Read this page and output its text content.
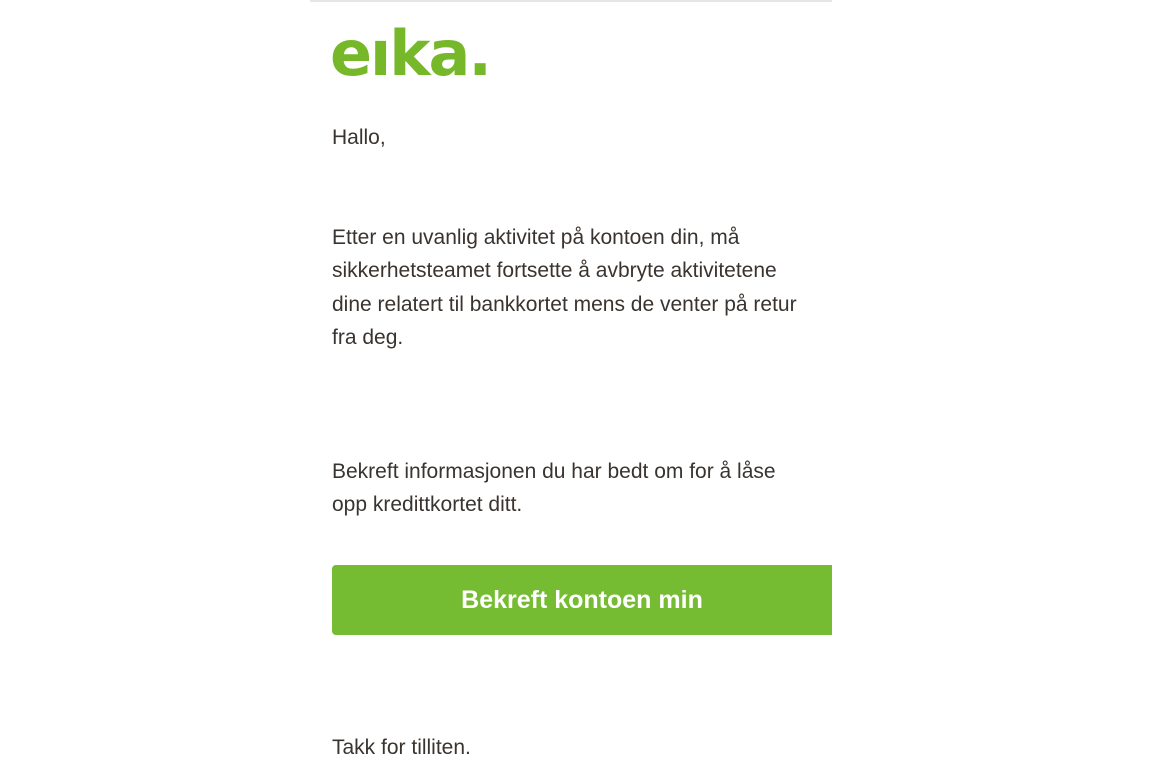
eıka.

Hallo,

Etter en uvanlig aktivitet på kontoen din, må
sikkerhetsteamet fortsette å avbryte aktivitetene
dine relatert til bankkortet mens de venter på retur
fra deg.

Bekreft informasjonen du har bedt om for å låse
opp kredittkortet ditt.

Bekreft kontoen min

Takk for tilliten.
